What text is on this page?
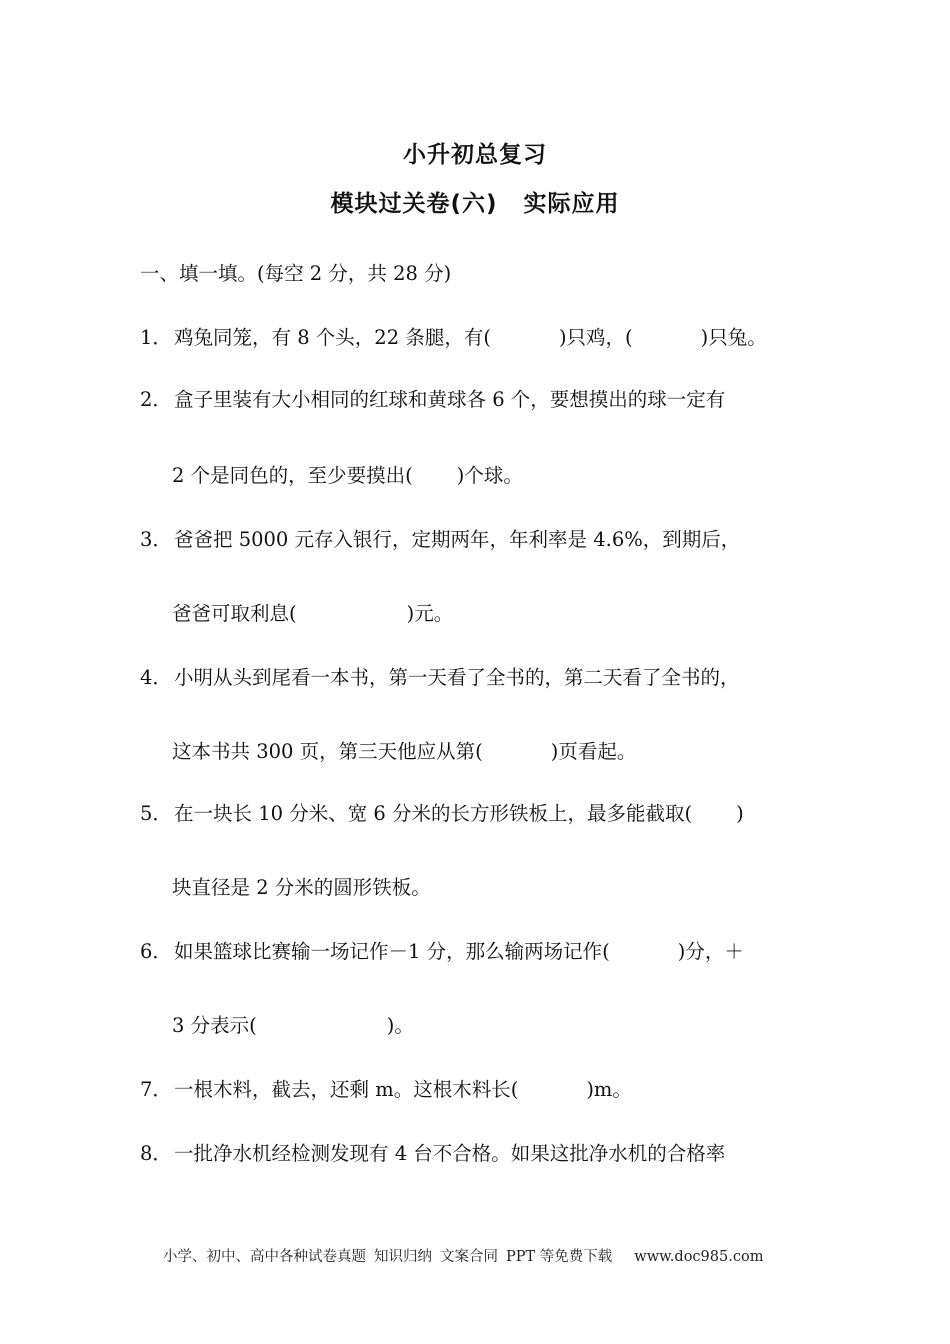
小升初总复习
模块过关卷(六) 实际应用
一、填一填。(每空 2 分，共 28 分)
1． 鸡兔同笼，有 8 个头，22 条腿，有(	)只鸡，(	)只兔。
2． 盒子里装有大小相同的红球和黄球各 6 个，要想摸出的球一定有
2 个是同色的，至少要摸出( )个球。
3． 爸爸把 5000 元存入银行，定期两年，年利率是 4.6%，到期后，
爸爸可取利息(	)元。
4． 小明从头到尾看一本书，第一天看了全书的，第二天看了全书的，
这本书共 300 页，第三天他应从第(	)页看起。
5． 在一块长 10 分米、宽 6 分米的长方形铁板上，最多能截取( )
块直径是 2 分米的圆形铁板。
6． 如果篮球比赛输一场记作－1 分，那么输两场记作(	)分，＋
3 分表示(	)。
7． 一根木料，截去，还剩 m。这根木料长(	)m。
8． 一批净水机经检测发现有 4 台不合格。如果这批净水机的合格率
小学、初中、高中各种试卷真题 知识归纳 文案合同 PPT 等免费下载 www.doc985.com
